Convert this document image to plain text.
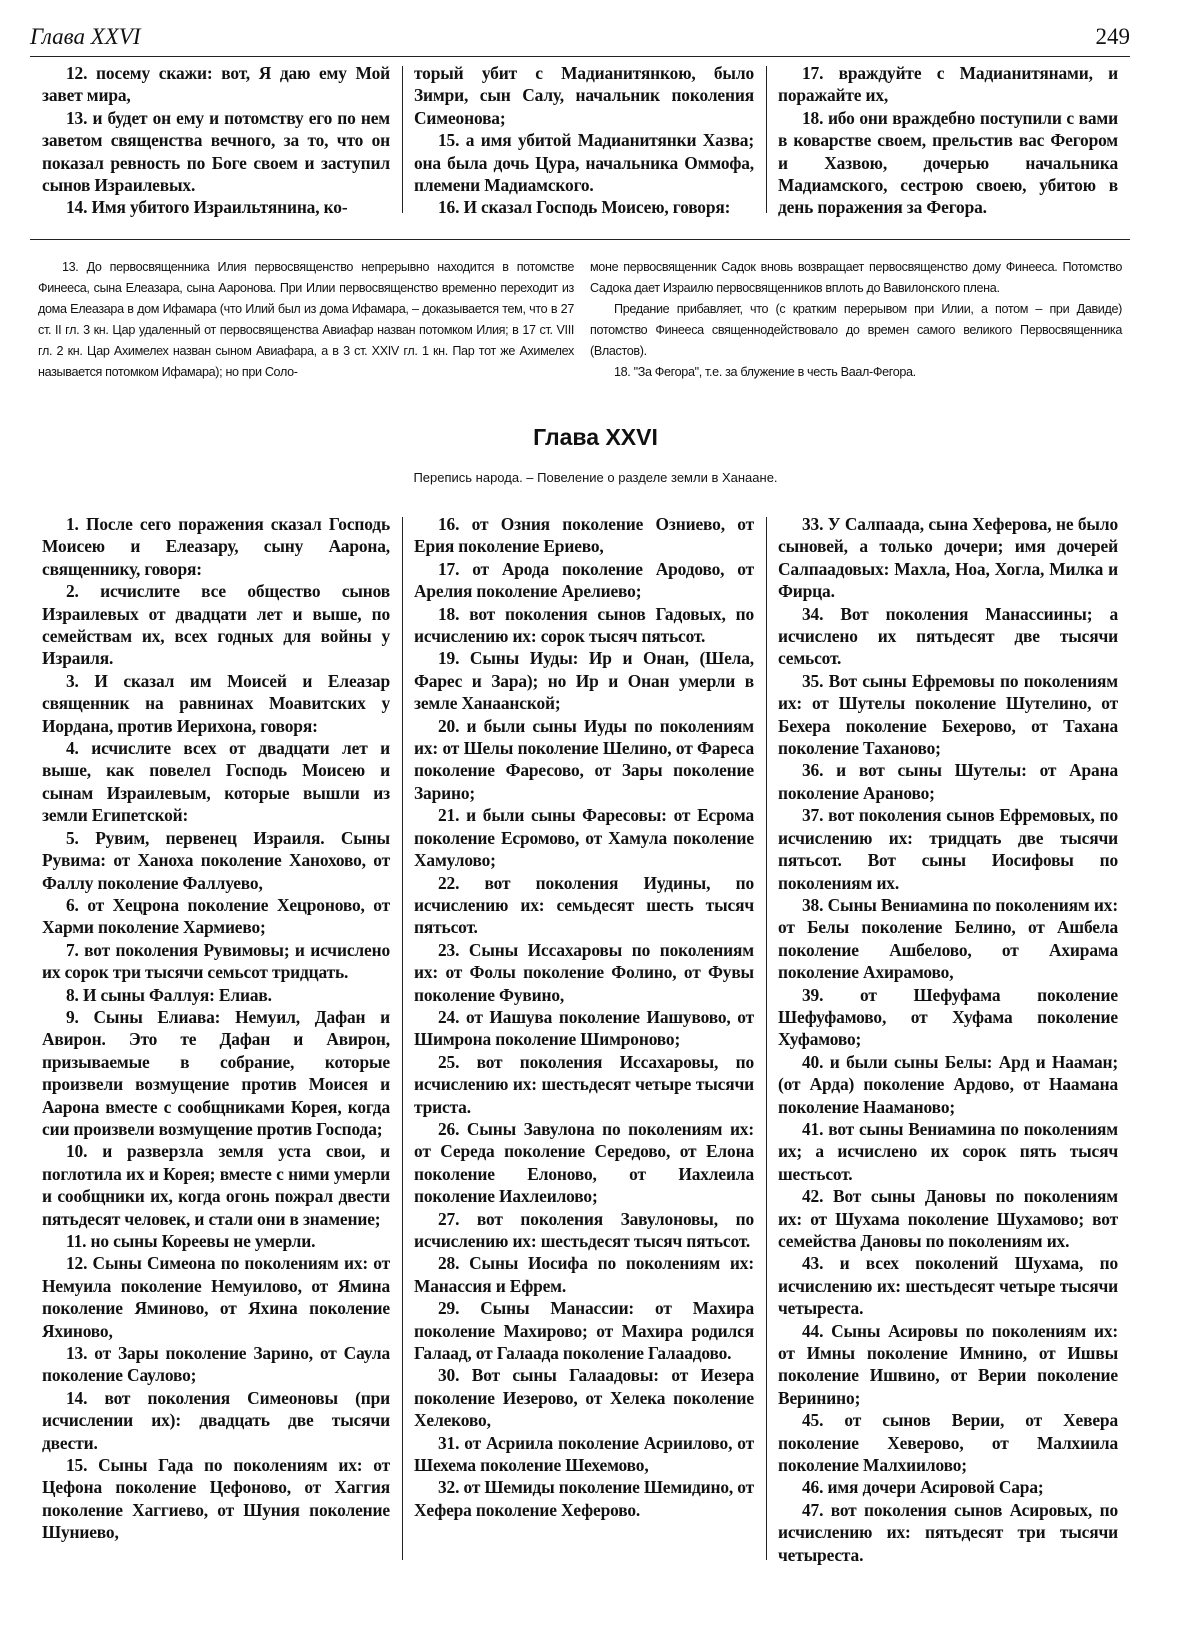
Глава XXVI	249

12. посему скажи: вот, Я даю ему Мой завет мира,

13. и будет он ему и потомству его по нем заветом священства вечного, за то, что он показал ревность по Боге своем и заступил сынов Израилевых.

14. Имя убитого Израильтянина, ко-

торый убит с Мадианитянкою, было Зимри, сын Салу, начальник поколения Симеонова;

15. а имя убитой Мадианитянки Хазва; она была дочь Цура, начальника Оммофа, племени Мадиамского.

16. И сказал Господь Моисею, говоря:

17. враждуйте с Мадианитянами, и поражайте их,

18. ибо они враждебно поступили с вами в коварстве своем, прельстив вас Фегором и Хазвою, дочерью начальника Мадиамского, сестрою своею, убитою в день поражения за Фегора.

13. До первосвященника Илия первосвященство непрерывно находится в потомстве Финееса, сына Елеазара, сына Ааронова. При Илии первосвященство временно переходит из дома Елеазара в дом Ифамара (что Илий был из дома Ифамара, – доказывается тем, что в 27 ст. II гл. 3 кн. Цар удаленный от первосвященства Авиафар назван потомком Илия; в 17 ст. VIII гл. 2 кн. Цар Ахимелех назван сыном Авиафара, а в 3 ст. XXIV гл. 1 кн. Пар тот же Ахимелех называется потомком Ифамара); но при Соло-

моне первосвященник Садок вновь возвращает первосвященство дому Финееса. Потомство Садока дает Израилю первосвященников вплоть до Вавилонского плена.

Предание прибавляет, что (с кратким перерывом при Илии, а потом – при Давиде) потомство Финееса священнодействовало до времен самого великого Первосвященника (Властов).

18. "За Фегора", т.е. за блужение в честь Ваал-Фегора.

Глава XXVI
Перепись народа. – Повеление о разделе земли в Ханаане.

1. После сего поражения сказал Господь Моисею и Елеазару, сыну Аарона, священнику, говоря:

2. исчислите все общество сынов Израилевых от двадцати лет и выше, по семействам их, всех годных для войны у Израиля.

3. И сказал им Моисей и Елеазар священник на равнинах Моавитских у Иордана, против Иерихона, говоря:

4. исчислите всех от двадцати лет и выше, как повелел Господь Моисею и сынам Израилевым, которые вышли из земли Египетской:

5. Рувим, первенец Израиля. Сыны Рувима: от Ханоха поколение Ханохово, от Фаллу поколение Фаллуево,

6. от Хецрона поколение Хецроново, от Харми поколение Хармиево;

7. вот поколения Рувимовы; и исчислено их сорок три тысячи семьсот тридцать.

8. И сыны Фаллуя: Елиав.

9. Сыны Елиава: Немуил, Дафан и Авирон. Это те Дафан и Авирон, призываемые в собрание, которые произвели возмущение против Моисея и Аарона вместе с сообщниками Корея, когда сии произвели возмущение против Господа;

10. и разверзла земля уста свои, и поглотила их и Корея; вместе с ними умерли и сообщники их, когда огонь пожрал двести пятьдесят человек, и стали они в знамение;

11. но сыны Кореевы не умерли.

12. Сыны Симеона по поколениям их: от Немуила поколение Немуилово, от Ямина поколение Яминово, от Яхина поколение Яхиново,

13. от Зары поколение Зарино, от Саула поколение Саулово;

14. вот поколения Симеоновы (при исчислении их): двадцать две тысячи двести.

15. Сыны Гада по поколениям их: от Цефона поколение Цефоново, от Хаггия поколение Хаггиево, от Шуния поколение Шуниево,

16. от Озния поколение Озниево, от Ерия поколение Ериево,

17. от Арода поколение Ародово, от Арелия поколение Арелиево;

18. вот поколения сынов Гадовых, по исчислению их: сорок тысяч пятьсот.

19. Сыны Иуды: Ир и Онан, (Шела, Фарес и Зара); но Ир и Онан умерли в земле Ханаанской;

20. и были сыны Иуды по поколениям их: от Шелы поколение Шелино, от Фареса поколение Фаресово, от Зары поколение Зарино;

21. и были сыны Фаресовы: от Есрома поколение Есромово, от Хамула поколение Хамулово;

22. вот поколения Иудины, по исчислению их: семьдесят шесть тысяч пятьсот.

23. Сыны Иссахаровы по поколениям их: от Фолы поколение Фолино, от Фувы поколение Фувино,

24. от Иашува поколение Иашувово, от Шимрона поколение Шимроново;

25. вот поколения Иссахаровы, по исчислению их: шестьдесят четыре тысячи триста.

26. Сыны Завулона по поколениям их: от Середа поколение Середово, от Елона поколение Елоново, от Иахлеила поколение Иахлеилово;

27. вот поколения Завулоновы, по исчислению их: шестьдесят тысяч пятьсот.

28. Сыны Иосифа по поколениям их: Манассия и Ефрем.

29. Сыны Манассии: от Махира поколение Махирово; от Махира родился Галаад, от Галаада поколение Галаадово.

30. Вот сыны Галаадовы: от Иезера поколение Иезерово, от Хелека поколение Хелеково,

31. от Асриила поколение Асриилово, от Шехема поколение Шехемово,

32. от Шемиды поколение Шемидино, от Хефера поколение Хеферово.

33. У Салпаада, сына Хеферова, не было сыновей, а только дочери; имя дочерей Салпаадовых: Махла, Ноа, Хогла, Милка и Фирца.

34. Вот поколения Манассиины; а исчислено их пятьдесят две тысячи семьсот.

35. Вот сыны Ефремовы по поколениям их: от Шутелы поколение Шутелино, от Бехера поколение Бехерово, от Тахана поколение Таханово;

36. и вот сыны Шутелы: от Арана поколение Араново;

37. вот поколения сынов Ефремовых, по исчислению их: тридцать две тысячи пятьсот. Вот сыны Иосифовы по поколениям их.

38. Сыны Вениамина по поколениям их: от Белы поколение Белино, от Ашбела поколение Ашбелово, от Ахирама поколение Ахирамово,

39. от Шефуфама поколение Шефуфамово, от Хуфама поколение Хуфамово;

40. и были сыны Белы: Ард и Нааман; (от Арда) поколение Ардово, от Наамана поколение Наамановo;

41. вот сыны Вениамина по поколениям их; а исчислено их сорок пять тысяч шестьсот.

42. Вот сыны Дановы по поколениям их: от Шухама поколение Шухамово; вот семейства Дановы по поколениям их.

43. и всех поколений Шухама, по исчислению их: шестьдесят четыре тысячи четыреста.

44. Сыны Асировы по поколениям их: от Имны поколение Имнино, от Ишвы поколение Ишвино, от Верии поколение Веринино;

45. от сынов Верии, от Хевера поколение Хеверово, от Малхиила поколение Малхиилово;

46. имя дочери Асировой Сара;

47. вот поколения сынов Асировых, по исчислению их: пятьдесят три тысячи четыреста.
